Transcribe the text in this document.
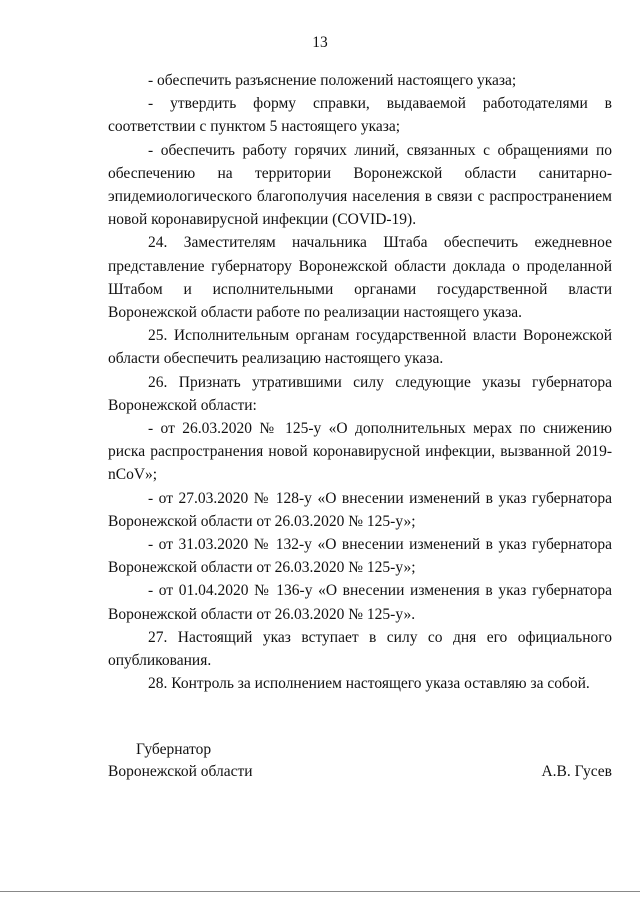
13

- обеспечить разъяснение положений настоящего указа;

- утвердить форму справки, выдаваемой работодателями в соответствии с пунктом 5 настоящего указа;

- обеспечить работу горячих линий, связанных с обращениями по обеспечению на территории Воронежской области санитарно-эпидемиологического благополучия населения в связи с распространением новой коронавирусной инфекции (COVID-19).

24. Заместителям начальника Штаба обеспечить ежедневное представление губернатору Воронежской области доклада о проделанной Штабом и исполнительными органами государственной власти Воронежской области работе по реализации настоящего указа.

25. Исполнительным органам государственной власти Воронежской области обеспечить реализацию настоящего указа.

26. Признать утратившими силу следующие указы губернатора Воронежской области:

- от 26.03.2020 № 125-у «О дополнительных мерах по снижению риска распространения новой коронавирусной инфекции, вызванной 2019-nCoV»;

- от 27.03.2020 № 128-у «О внесении изменений в указ губернатора Воронежской области от 26.03.2020 № 125-у»;

- от 31.03.2020 № 132-у «О внесении изменений в указ губернатора Воронежской области от 26.03.2020 № 125-у»;

- от 01.04.2020 № 136-у «О внесении изменения в указ губернатора Воронежской области от 26.03.2020 № 125-у».

27. Настоящий указ вступает в силу со дня его официального опубликования.

28. Контроль за исполнением настоящего указа оставляю за собой.

Губернатор
Воронежской области	А.В. Гусев
